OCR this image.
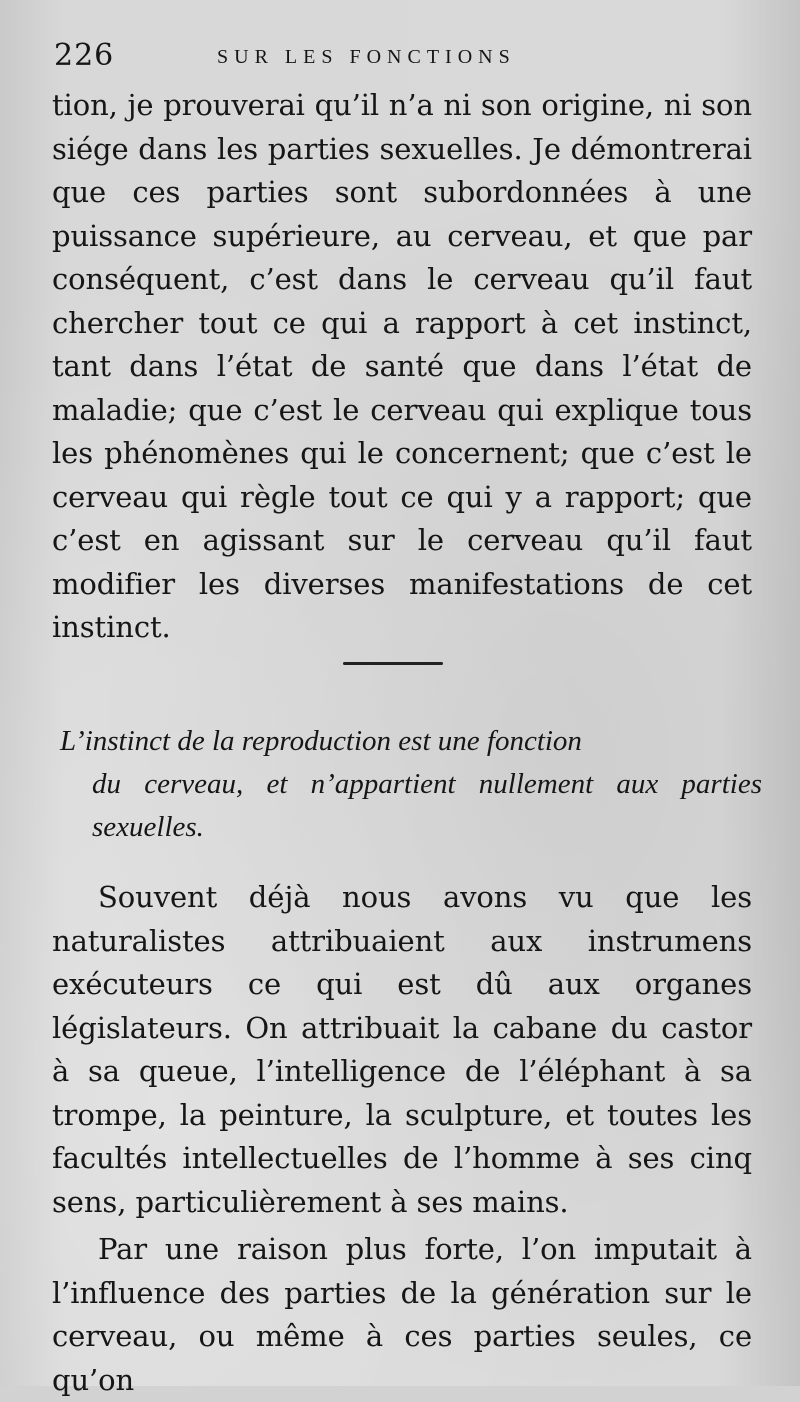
226	SUR LES FONCTIONS

tion, je prouverai qu’il n’a ni son origine, ni son siége dans les parties sexuelles. Je démontrerai que ces parties sont subordonnées à une puissance supérieure, au cerveau, et que par conséquent, c’est dans le cerveau qu’il faut chercher tout ce qui a rapport à cet instinct, tant dans l’état de santé que dans l’état de maladie; que c’est le cerveau qui explique tous les phénomènes qui le concernent; que c’est le cerveau qui règle tout ce qui y a rapport; que c’est en agissant sur le cerveau qu’il faut modifier les diverses manifestations de cet instinct.

L’instinct de la reproduction est une fonction
du cerveau, et n’appartient nullement aux parties sexuelles.

Souvent déjà nous avons vu que les naturalistes attribuaient aux instrumens exécuteurs ce qui est dû aux organes législateurs. On attribuait la cabane du castor à sa queue, l’intelligence de l’éléphant à sa trompe, la peinture, la sculpture, et toutes les facultés intellectuelles de l’homme à ses cinq sens, particulièrement à ses mains.

Par une raison plus forte, l’on imputait à l’influence des parties de la génération sur le cerveau, ou même à ces parties seules, ce qu’on
